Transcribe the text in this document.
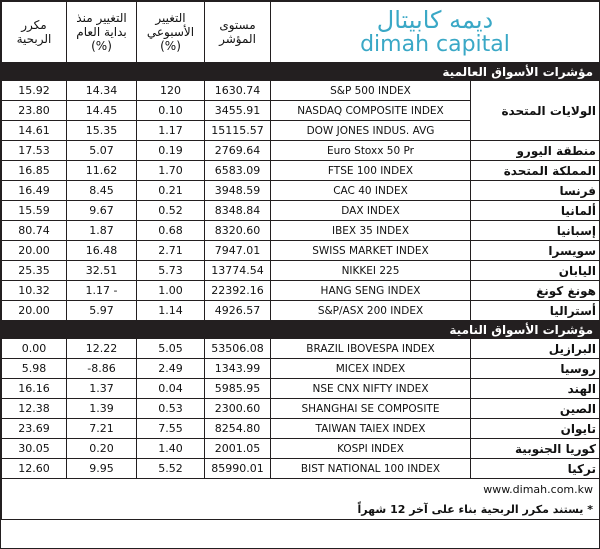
مكرر الربحية	التغيير منذ بداية العام (%)	التغيير الأسبوعي (%)	مستوى المؤشر	ديمه كابيتال
dimah capital	

مؤشرات الأسواق العالمية					
15.92	14.34	120	1630.74	S&P 500 INDEX	الولايات المتحدة
23.80	14.45	0.10	3455.91	NASDAQ COMPOSITE INDEX	
14.61	15.35	1.17	15115.57	DOW JONES INDUS. AVG	
17.53	5.07	0.19	2769.64	Euro Stoxx 50 Pr	منطقة اليورو
16.85	11.62	1.70	6583.09	FTSE 100 INDEX	المملكة المتحدة
16.49	8.45	0.21	3948.59	CAC 40 INDEX	فرنسا
15.59	9.67	0.52	8348.84	DAX INDEX	ألمانيا
80.74	1.87	0.68	8320.60	IBEX 35 INDEX	إسبانيا
20.00	16.48	2.71	7947.01	SWISS MARKET INDEX	سويسرا
25.35	32.51	5.73	13774.54	NIKKEI 225	اليابان
10.32	1.17 -	1.00	22392.16	HANG SENG INDEX	هونغ كونغ
20.00	5.97	1.14	4926.57	S&P/ASX 200 INDEX	أستراليا
مؤشرات الأسواق النامية					
0.00	12.22	5.05	53506.08	BRAZIL IBOVESPA INDEX	البرازيل
5.98	-8.86	2.49	1343.99	MICEX INDEX	روسيا
16.16	1.37	0.04	5985.95	NSE CNX NIFTY INDEX	الهند
12.38	1.39	0.53	2300.60	SHANGHAI SE COMPOSITE	الصين
23.69	7.21	7.55	8254.80	TAIWAN TAIEX INDEX	تايوان
30.05	0.20	1.40	2001.05	KOSPI INDEX	كوريا الجنوبية
12.60	9.95	5.52	85990.01	BIST NATIONAL 100 INDEX	تركيا
www.dimah.com.kw					
* يستند مكرر الربحية بناء على آخر 12 شهراً					
